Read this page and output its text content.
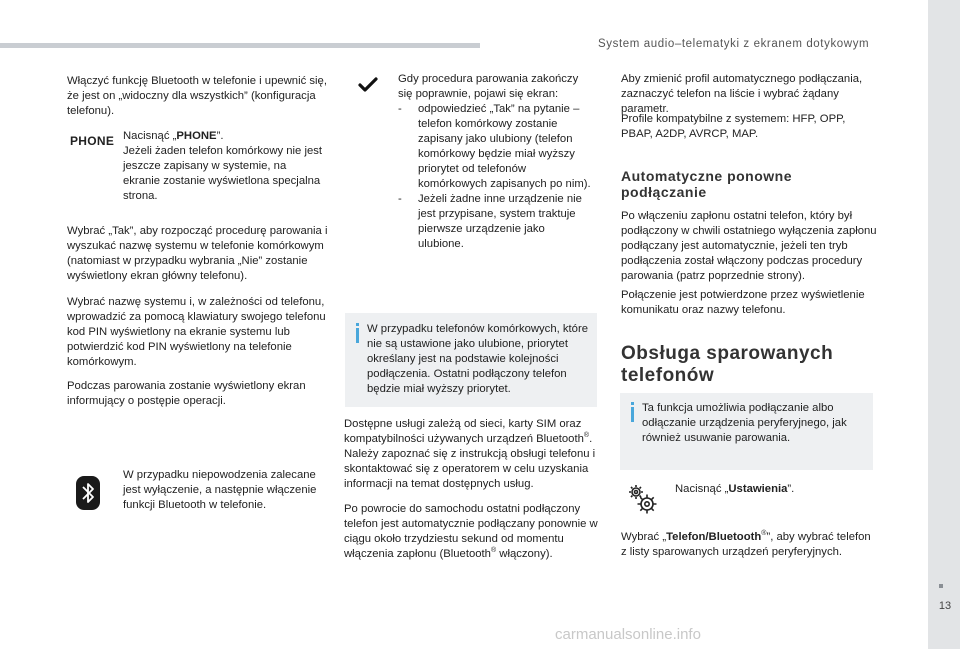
System audio–telematyki z ekranem dotykowym
13
carmanualsonline.info

Włączyć funkcję Bluetooth w telefonie i upewnić się, że jest on „widoczny dla wszystkich” (konfiguracja telefonu).

PHONE Nacisnąć „PHONE”.

Jeżeli żaden telefon komórkowy nie jest jeszcze zapisany w systemie, na ekranie zostanie wyświetlona specjalna strona.

Wybrać „Tak”, aby rozpocząć procedurę parowania i wyszukać nazwę systemu w telefonie komórkowym (natomiast w przypadku wybrania „Nie” zostanie wyświetlony ekran główny telefonu).

Wybrać nazwę systemu i, w zależności od telefonu, wprowadzić za pomocą klawiatury swojego telefonu kod PIN wyświetlony na ekranie systemu lub potwierdzić kod PIN wyświetlony na telefonie komórkowym.

Podczas parowania zostanie wyświetlony ekran informujący o postępie operacji.

W przypadku niepowodzenia zalecane jest wyłączenie, a następnie włączenie funkcji Bluetooth w telefonie.

Gdy procedura parowania zakończy się poprawnie, pojawi się ekran:

- odpowiedzieć „Tak” na pytanie – telefon komórkowy zostanie zapisany jako ulubiony (telefon komórkowy będzie miał wyższy priorytet od telefonów komórkowych zapisanych po nim).
- Jeżeli żadne inne urządzenie nie jest przypisane, system traktuje pierwsze urządzenie jako ulubione.

W przypadku telefonów komórkowych, które nie są ustawione jako ulubione, priorytet określany jest na podstawie kolejności podłączenia. Ostatni podłączony telefon będzie miał wyższy priorytet.

Dostępne usługi zależą od sieci, karty SIM oraz kompatybilności używanych urządzeń Bluetooth®. Należy zapoznać się z instrukcją obsługi telefonu i skontaktować się z operatorem w celu uzyskania informacji na temat dostępnych usług.

Po powrocie do samochodu ostatni podłączony telefon jest automatycznie podłączany ponownie w ciągu około trzydziestu sekund od momentu włączenia zapłonu (Bluetooth® włączony).

Aby zmienić profil automatycznego podłączania, zaznaczyć telefon na liście i wybrać żądany parametr.

Profile kompatybilne z systemem: HFP, OPP, PBAP, A2DP, AVRCP, MAP.

Automatyczne ponowne podłączanie

Po włączeniu zapłonu ostatni telefon, który był podłączony w chwili ostatniego wyłączenia zapłonu podłączany jest automatycznie, jeżeli ten tryb podłączenia został włączony podczas procedury parowania (patrz poprzednie strony).

Połączenie jest potwierdzone przez wyświetlenie komunikatu oraz nazwy telefonu.

Obsługa sparowanych telefonów

Ta funkcja umożliwia podłączanie albo odłączanie urządzenia peryferyjnego, jak również usuwanie parowania.

Nacisnąć „Ustawienia”.

Wybrać „Telefon/Bluetooth®”, aby wybrać telefon z listy sparowanych urządzeń peryferyjnych.
